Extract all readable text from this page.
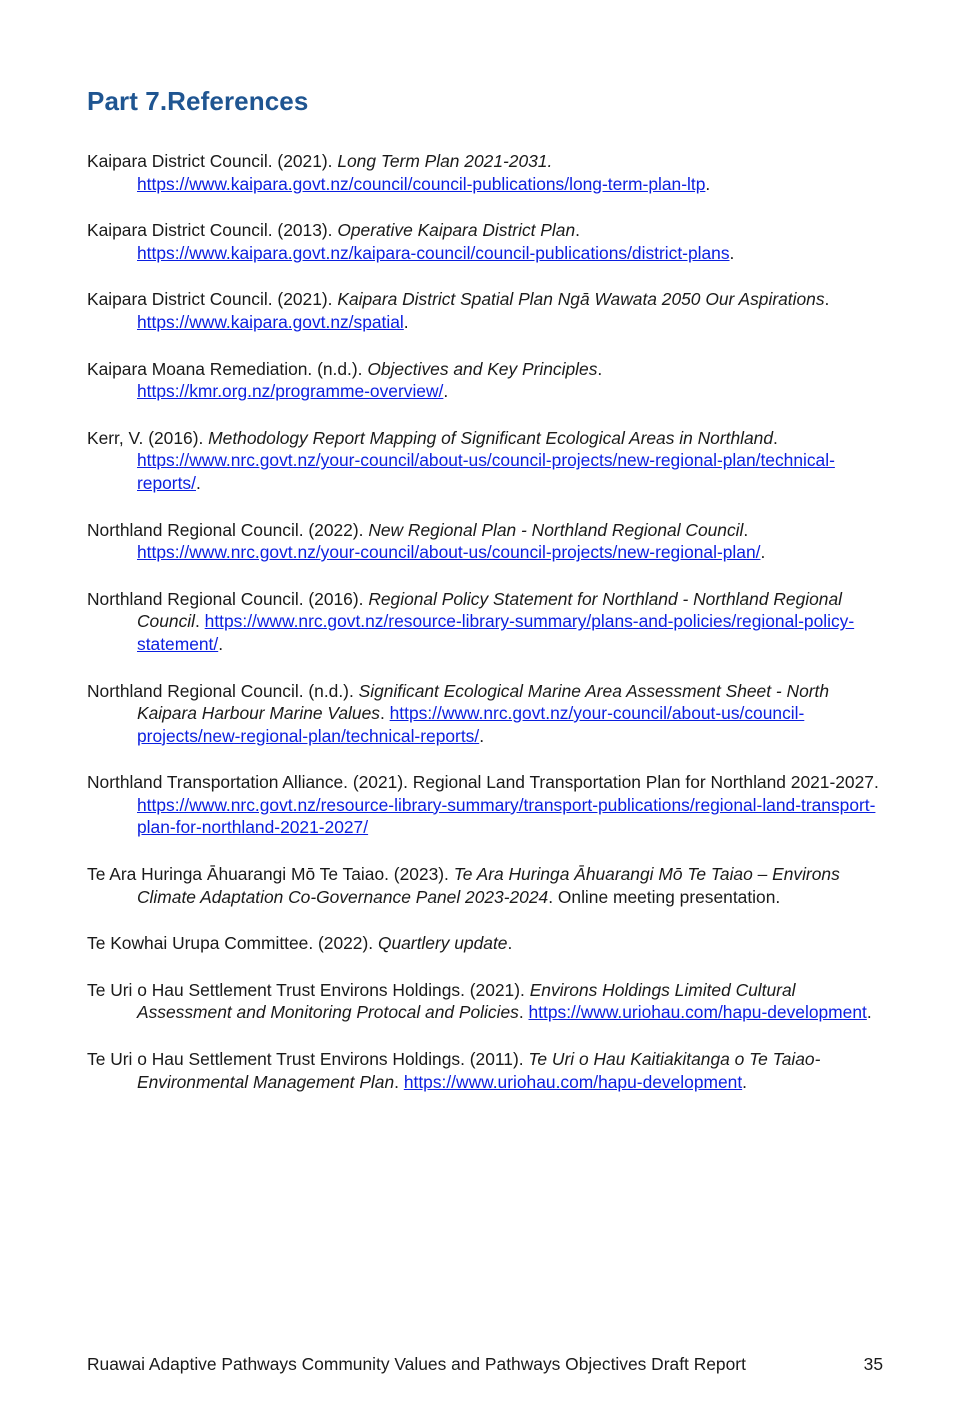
Part 7.References

Kaipara District Council. (2021). Long Term Plan 2021-2031.
https://www.kaipara.govt.nz/council/council-publications/long-term-plan-ltp.

Kaipara District Council. (2013). Operative Kaipara District Plan.
https://www.kaipara.govt.nz/kaipara-council/council-publications/district-plans.

Kaipara District Council. (2021). Kaipara District Spatial Plan Ngā Wawata 2050 Our Aspirations. https://www.kaipara.govt.nz/spatial.

Kaipara Moana Remediation. (n.d.). Objectives and Key Principles.
https://kmr.org.nz/programme-overview/.

Kerr, V. (2016). Methodology Report Mapping of Significant Ecological Areas in Northland.
https://www.nrc.govt.nz/your-council/about-us/council-projects/new-regional-plan/technical-reports/.

Northland Regional Council. (2022). New Regional Plan - Northland Regional Council.
https://www.nrc.govt.nz/your-council/about-us/council-projects/new-regional-plan/.

Northland Regional Council. (2016). Regional Policy Statement for Northland - Northland Regional Council. https://www.nrc.govt.nz/resource-library-summary/plans-and-policies/regional-policy-statement/.

Northland Regional Council. (n.d.). Significant Ecological Marine Area Assessment Sheet - North Kaipara Harbour Marine Values. https://www.nrc.govt.nz/your-council/about-us/council-projects/new-regional-plan/technical-reports/.

Northland Transportation Alliance. (2021). Regional Land Transportation Plan for Northland 2021-2027. https://www.nrc.govt.nz/resource-library-summary/transport-publications/regional-land-transport-plan-for-northland-2021-2027/

Te Ara Huringa Āhuarangi Mō Te Taiao. (2023). Te Ara Huringa Āhuarangi Mō Te Taiao – Environs Climate Adaptation Co-Governance Panel 2023-2024. Online meeting presentation.

Te Kowhai Urupa Committee. (2022). Quartlery update.

Te Uri o Hau Settlement Trust Environs Holdings. (2021). Environs Holdings Limited Cultural Assessment and Monitoring Protocal and Policies. https://www.uriohau.com/hapu-development.

Te Uri o Hau Settlement Trust Environs Holdings. (2011). Te Uri o Hau Kaitiakitanga o Te Taiao-Environmental Management Plan. https://www.uriohau.com/hapu-development.

Ruawai Adaptive Pathways Community Values and Pathways Objectives Draft Report	35
